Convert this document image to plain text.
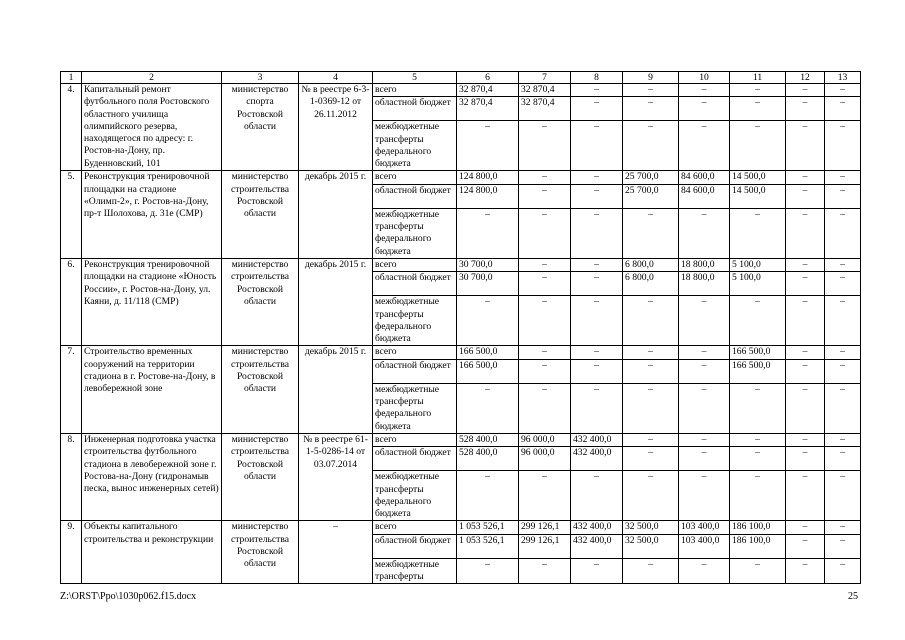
1	2	3	4	5	6	7	8	9	10	11	12	13
4.	Капитальный ремонт футбольного поля Ростовского областного училища олимпийского резерва, находящегося по адресу: г. Ростов-на-Дону, пр. Буденновский, 101	министерство спорта Ростовской области	№ в реестре 6-3-1-0369-12 от 26.11.2012	всего	32 870,4	32 870,4	–	–	–	–	–	–
				областной бюджет	32 870,4	32 870,4	–	–	–	–	–	–
				межбюджетные трансферты федерального бюджета	–	–	–	–	–	–	–	–
5.	Реконструкция тренировочной площадки на стадионе «Олимп-2», г. Ростов-на-Дону, пр-т Шолохова, д. 31е (СМР)	министерство строительства Ростовской области	декабрь 2015 г.	всего	124 800,0	–	–	25 700,0	84 600,0	14 500,0	–	–
				областной бюджет	124 800,0	–	–	25 700,0	84 600,0	14 500,0	–	–
				межбюджетные трансферты федерального бюджета	–	–	–	–	–	–	–	–
6.	Реконструкция тренировочной площадки на стадионе «Юность России», г. Ростов-на-Дону, ул. Каяни, д. 11/118 (СМР)	министерство строительства Ростовской области	декабрь 2015 г.	всего	30 700,0	–	–	6 800,0	18 800,0	5 100,0	–	–
				областной бюджет	30 700,0	–	–	6 800,0	18 800,0	5 100,0	–	–
				межбюджетные трансферты федерального бюджета	–	–	–	–	–	–	–	–
7.	Строительство временных сооружений на территории стадиона в г. Ростове-на-Дону, в левобережной зоне	министерство строительства Ростовской области	декабрь 2015 г.	всего	166 500,0	–	–	–	–	166 500,0	–	–
				областной бюджет	166 500,0	–	–	–	–	166 500,0	–	–
				межбюджетные трансферты федерального бюджета	–	–	–	–	–	–	–	–
8.	Инженерная подготовка участка строительства футбольного стадиона в левобережной зоне г. Ростова-на-Дону (гидронамыв песка, вынос инженерных сетей)	министерство строительства Ростовской области	№ в реестре 61-1-5-0286-14 от 03.07.2014	всего	528 400,0	96 000,0	432 400,0	–	–	–	–	–
				областной бюджет	528 400,0	96 000,0	432 400,0	–	–	–	–	–
				межбюджетные трансферты федерального бюджета	–	–	–	–	–	–	–	–
9.	Объекты капитального строительства и реконструкции	министерство строительства Ростовской области	–	всего	1 053 526,1	299 126,1	432 400,0	32 500,0	103 400,0	186 100,0	–	–
				областной бюджет	1 053 526,1	299 126,1	432 400,0	32 500,0	103 400,0	186 100,0	–	–
				межбюджетные трансферты	–	–	–	–	–	–	–	–
Z:\ORST\Ppo\1030p062.f15.docx	25
